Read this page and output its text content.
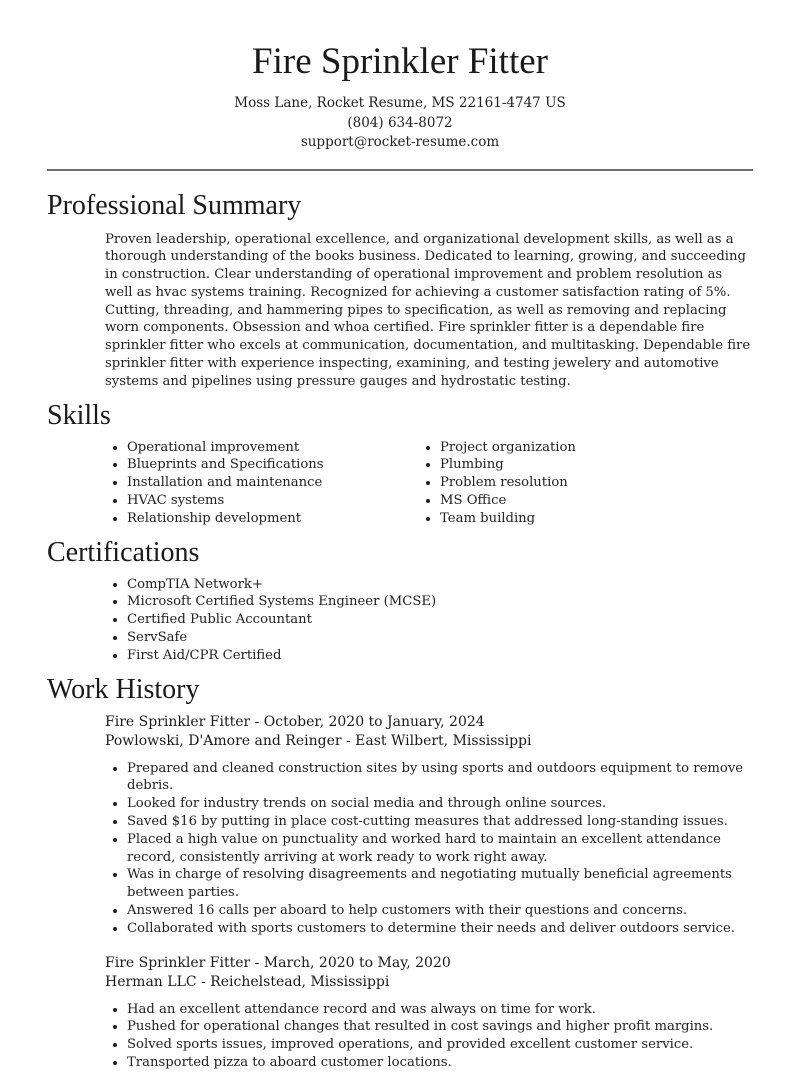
Fire Sprinkler Fitter
Moss Lane, Rocket Resume, MS 22161-4747 US
(804) 634-8072
support@rocket-resume.com
Professional Summary
Proven leadership, operational excellence, and organizational development skills, as well as a thorough understanding of the books business. Dedicated to learning, growing, and succeeding in construction. Clear understanding of operational improvement and problem resolution as well as hvac systems training. Recognized for achieving a customer satisfaction rating of 5%. Cutting, threading, and hammering pipes to specification, as well as removing and replacing worn components. Obsession and whoa certified. Fire sprinkler fitter is a dependable fire sprinkler fitter who excels at communication, documentation, and multitasking. Dependable fire sprinkler fitter with experience inspecting, examining, and testing jewelery and automotive systems and pipelines using pressure gauges and hydrostatic testing.
Skills
• Operational improvement
• Blueprints and Specifications
• Installation and maintenance
• HVAC systems
• Relationship development
• Project organization
• Plumbing
• Problem resolution
• MS Office
• Team building
Certifications
• CompTIA Network+
• Microsoft Certified Systems Engineer (MCSE)
• Certified Public Accountant
• ServSafe
• First Aid/CPR Certified
Work History
Fire Sprinkler Fitter - October, 2020 to January, 2024
Powlowski, D'Amore and Reinger - East Wilbert, Mississippi
• Prepared and cleaned construction sites by using sports and outdoors equipment to remove debris.
• Looked for industry trends on social media and through online sources.
• Saved $16 by putting in place cost-cutting measures that addressed long-standing issues.
• Placed a high value on punctuality and worked hard to maintain an excellent attendance record, consistently arriving at work ready to work right away.
• Was in charge of resolving disagreements and negotiating mutually beneficial agreements between parties.
• Answered 16 calls per aboard to help customers with their questions and concerns.
• Collaborated with sports customers to determine their needs and deliver outdoors service.
Fire Sprinkler Fitter - March, 2020 to May, 2020
Herman LLC - Reichelstead, Mississippi
• Had an excellent attendance record and was always on time for work.
• Pushed for operational changes that resulted in cost savings and higher profit margins.
• Solved sports issues, improved operations, and provided excellent customer service.
• Transported pizza to aboard customer locations.
